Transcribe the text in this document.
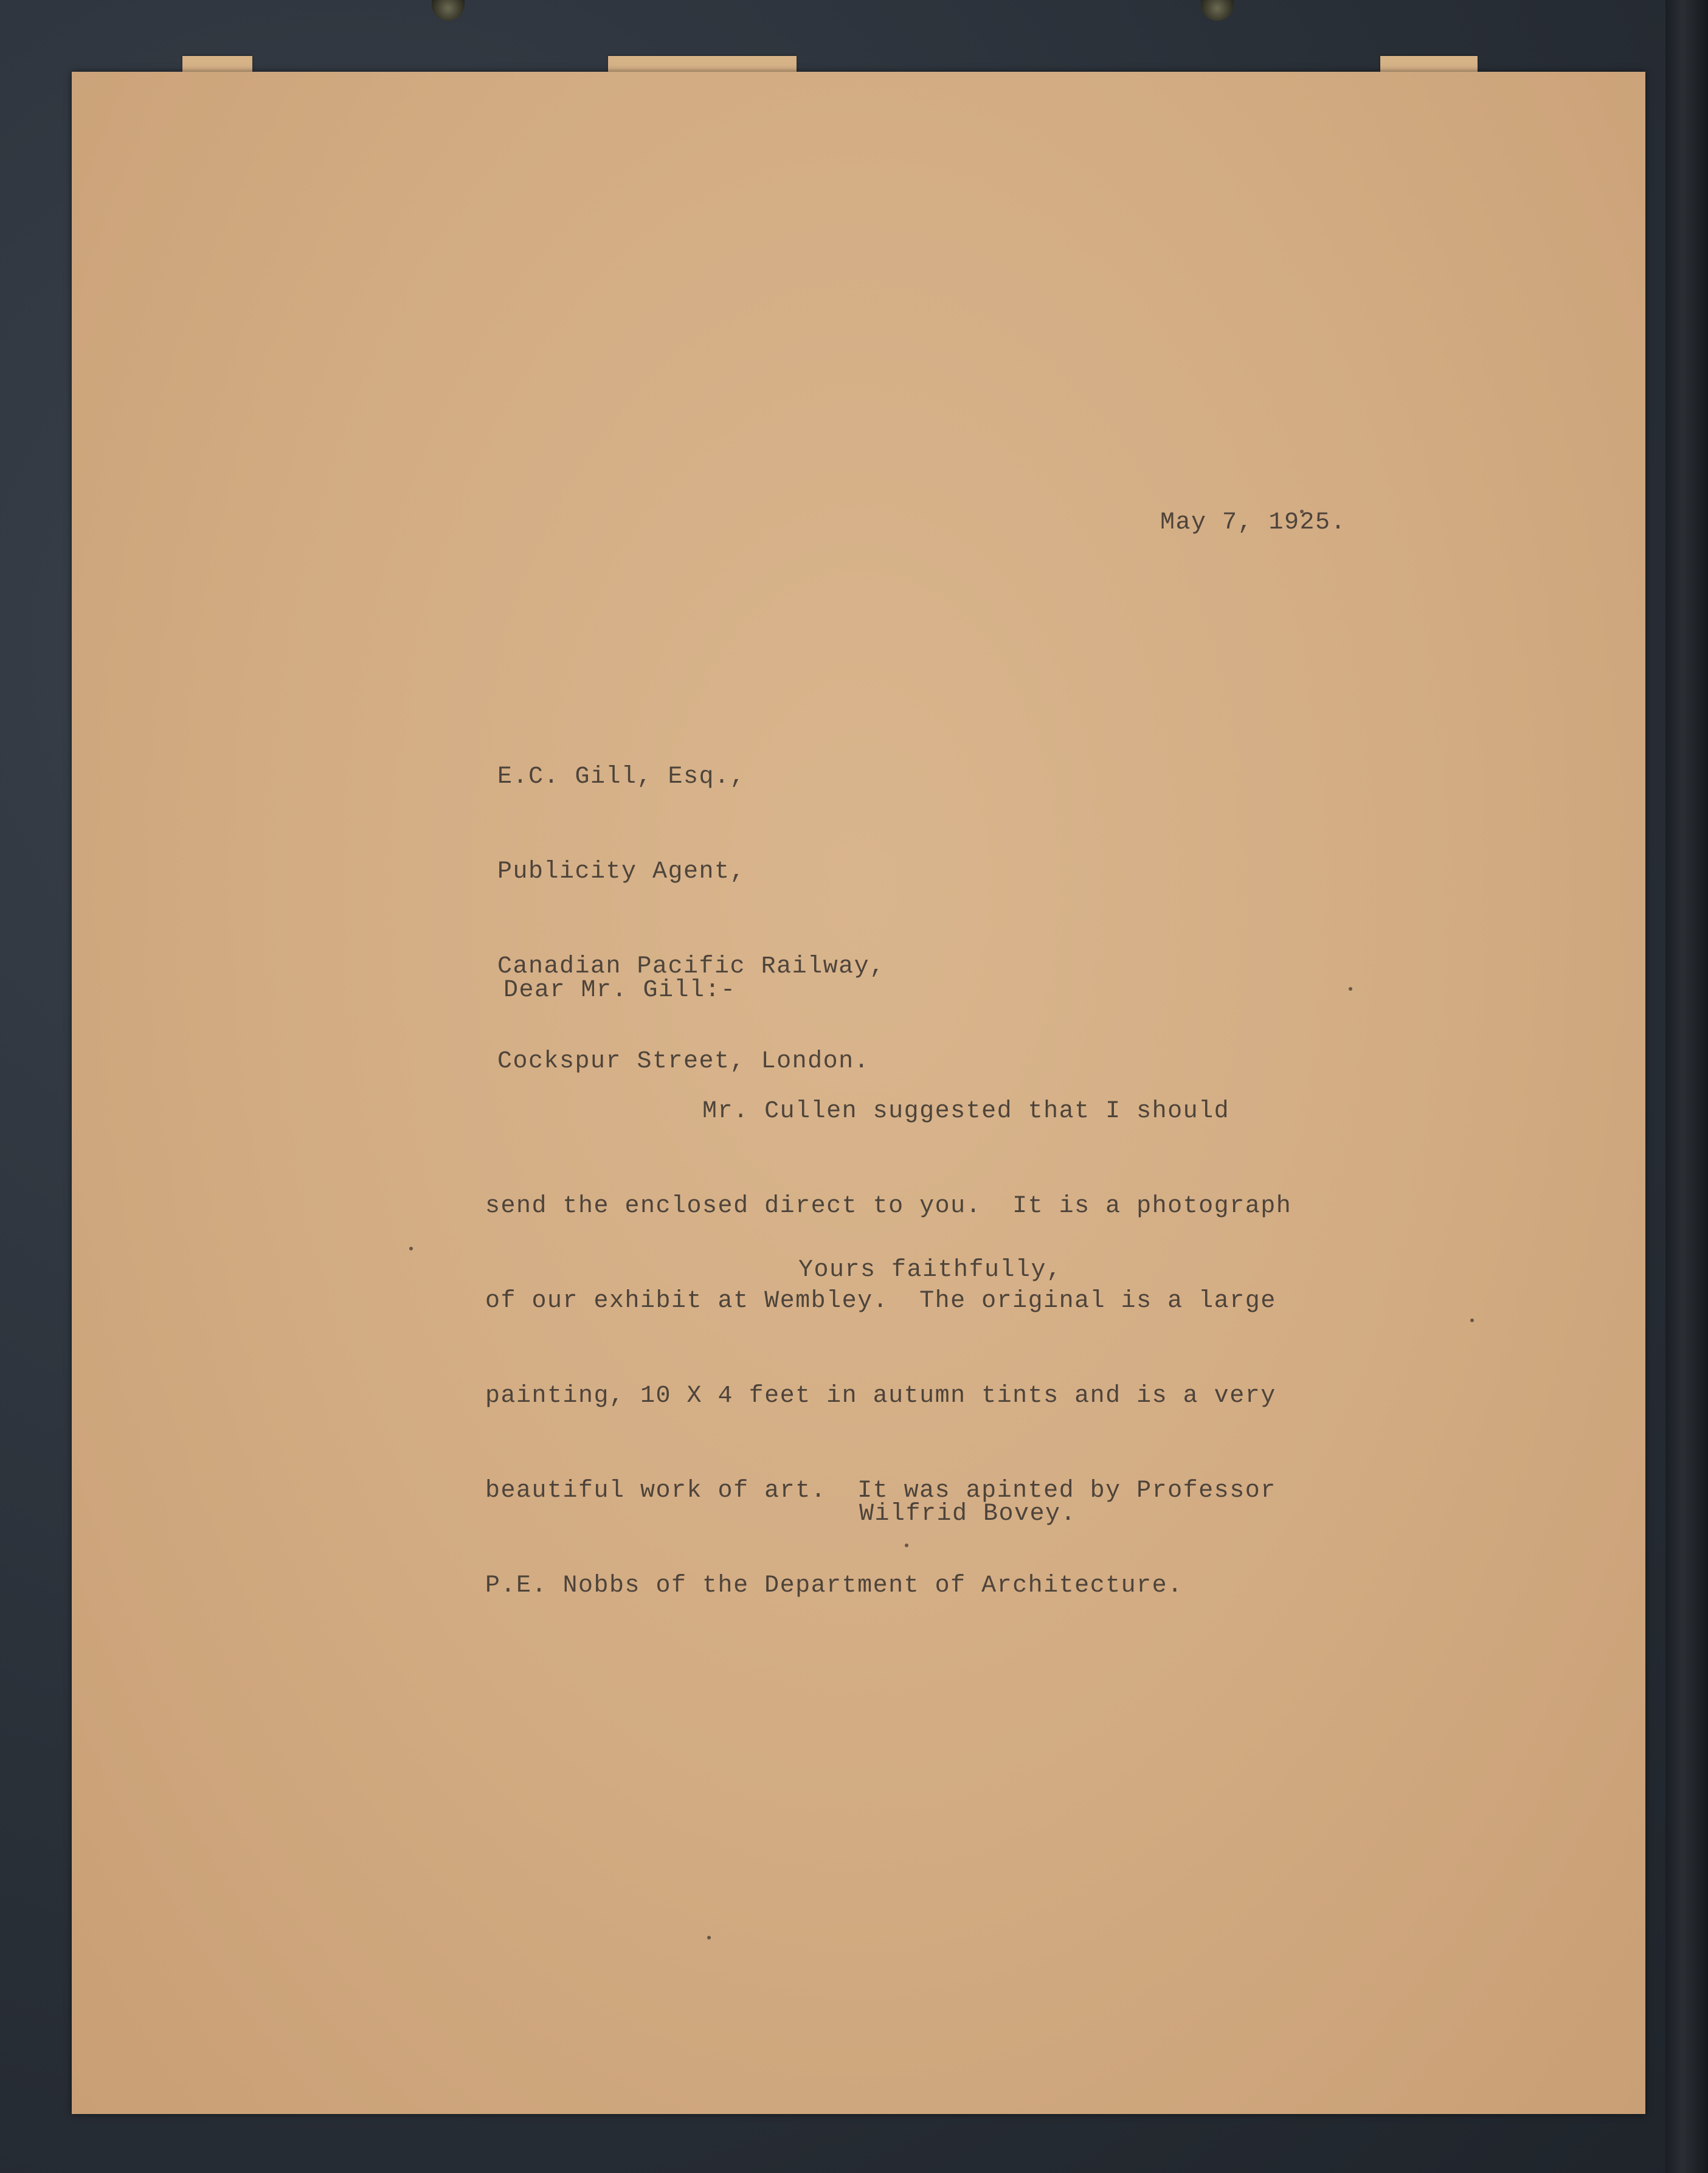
May 7, 1925.

E.C. Gill, Esq.,

Publicity Agent,

Canadian Pacific Railway,

Cockspur Street, London.

Dear Mr. Gill:-

Mr. Cullen suggested that I should

send the enclosed direct to you.  It is a photograph

of our exhibit at Wembley.  The original is a large

painting, 10 X 4 feet in autumn tints and is a very

beautiful work of art.  It was apinted by Professor

P.E. Nobbs of the Department of Architecture.

Yours faithfully,
Wilfrid Bovey.
